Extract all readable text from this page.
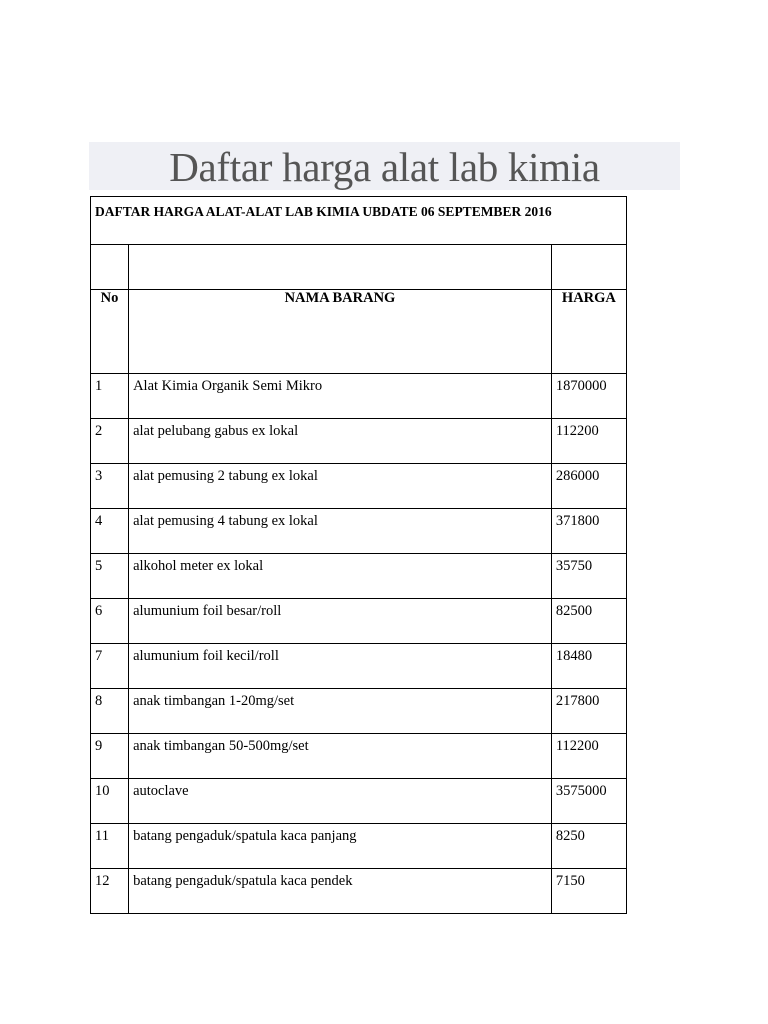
Daftar harga alat lab kimia
DAFTAR HARGA ALAT-ALAT LAB KIMIA UBDATE 06 SEPTEMBER 2016		

No	NAMA BARANG	HARGA

1	Alat Kimia Organik Semi Mikro	1870000

2	alat pelubang gabus ex lokal	112200

3	alat pemusing 2 tabung ex lokal	286000

4	alat pemusing 4 tabung ex lokal	371800

5	alkohol meter ex lokal	35750

6	alumunium foil besar/roll	82500

7	alumunium foil kecil/roll	18480

8	anak timbangan 1-20mg/set	217800

9	anak timbangan 50-500mg/set	112200

10	autoclave	3575000

11	batang pengaduk/spatula kaca panjang	8250

12	batang pengaduk/spatula kaca pendek	7150
